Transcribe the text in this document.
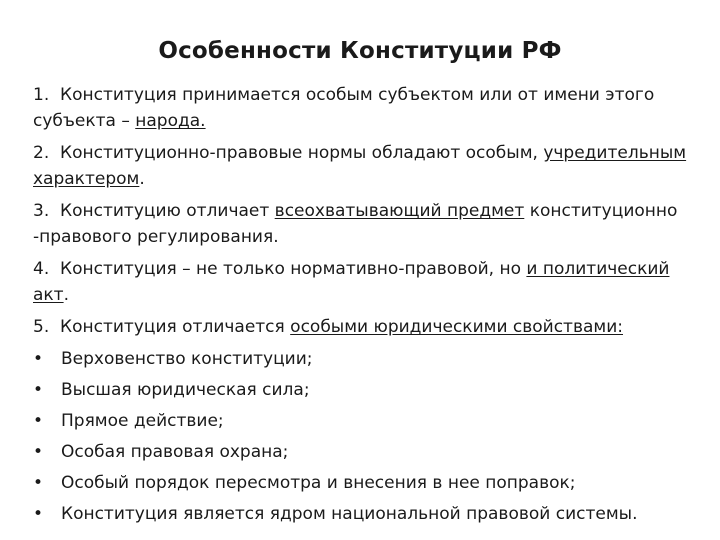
Особенности Конституции РФ

1. Конституция принимается особым субъектом или от имени этого субъекта – народа.

2. Конституционно-правовые нормы обладают особым, учредительным характером.

3. Конституцию отличает всеохватывающий предмет конституционно -правового регулирования.

4. Конституция – не только нормативно-правовой, но и политический акт.

5. Конституция отличается особыми юридическими свойствами:

• Верховенство конституции;
• Высшая юридическая сила;
• Прямое действие;
• Особая правовая охрана;
• Особый порядок пересмотра и внесения в нее поправок;
• Конституция является ядром национальной правовой системы.
